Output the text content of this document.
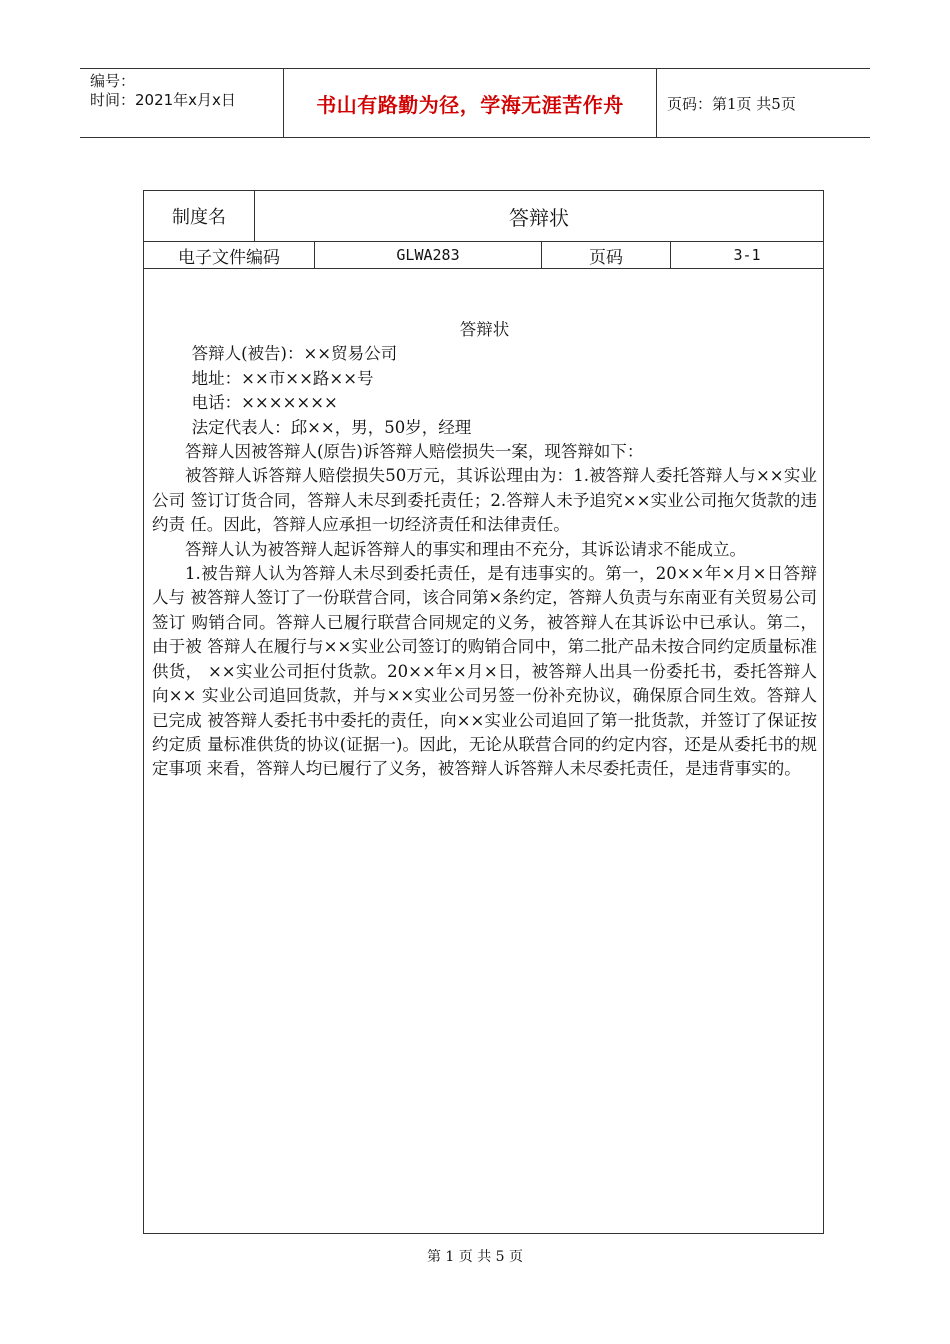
编号：
时间：2021年x月x日	书山有路勤为径，学海无涯苦作舟	页码：第1页 共5页
制度名	答辩状
电子文件编码	GLWA283	页码	3-1
答辩状

答辩人(被告)：××贸易公司

地址：××市××路××号

电话：×××××××

法定代表人：邱××，男，50岁，经理

答辩人因被答辩人(原告)诉答辩人赔偿损失一案，现答辩如下：

被答辩人诉答辩人赔偿损失50万元，其诉讼理由为：1.被答辩人委托答辩人与××实业公司 签订订货合同，答辩人未尽到委托责任；2.答辩人未予追究××实业公司拖欠货款的违约责 任。因此，答辩人应承担一切经济责任和法律责任。

答辩人认为被答辩人起诉答辩人的事实和理由不充分，其诉讼请求不能成立。

1.被告辩人认为答辩人未尽到委托责任，是有违事实的。第一，20××年×月×日答辩人与 被答辩人签订了一份联营合同，该合同第×条约定，答辩人负责与东南亚有关贸易公司签订 购销合同。答辩人已履行联营合同规定的义务，被答辩人在其诉讼中已承认。第二，由于被 答辩人在履行与××实业公司签订的购销合同中，第二批产品未按合同约定质量标准供货， ××实业公司拒付货款。20××年×月×日，被答辩人出具一份委托书，委托答辩人向×× 实业公司追回货款，并与××实业公司另签一份补充协议，确保原合同生效。答辩人已完成 被答辩人委托书中委托的责任，向××实业公司追回了第一批货款，并签订了保证按约定质 量标准供货的协议(证据一)。因此，无论从联营合同的约定内容，还是从委托书的规定事项 来看，答辩人均已履行了义务，被答辩人诉答辩人未尽委托责任，是违背事实的。

第 1 页 共 5 页
